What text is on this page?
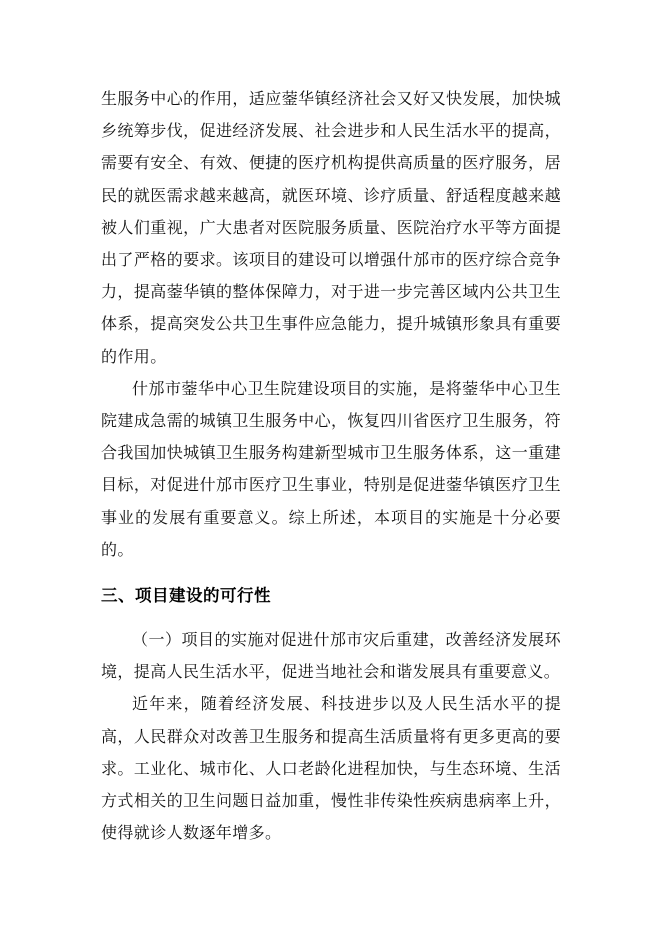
生服务中心的作用，适应蓥华镇经济社会又好又快发展，加快城乡统筹步伐，促进经济发展、社会进步和人民生活水平的提高，需要有安全、有效、便捷的医疗机构提供高质量的医疗服务，居民的就医需求越来越高，就医环境、诊疗质量、舒适程度越来越被人们重视，广大患者对医院服务质量、医院治疗水平等方面提出了严格的要求。该项目的建设可以增强什邡市的医疗综合竞争力，提高蓥华镇的整体保障力，对于进一步完善区域内公共卫生体系，提高突发公共卫生事件应急能力，提升城镇形象具有重要的作用。

什邡市蓥华中心卫生院建设项目的实施，是将蓥华中心卫生院建成急需的城镇卫生服务中心，恢复四川省医疗卫生服务，符合我国加快城镇卫生服务构建新型城市卫生服务体系，这一重建目标，对促进什邡市医疗卫生事业，特别是促进蓥华镇医疗卫生事业的发展有重要意义。综上所述，本项目的实施是十分必要的。

三、项目建设的可行性

（一）项目的实施对促进什邡市灾后重建，改善经济发展环境，提高人民生活水平，促进当地社会和谐发展具有重要意义。

近年来，随着经济发展、科技进步以及人民生活水平的提高，人民群众对改善卫生服务和提高生活质量将有更多更高的要求。工业化、城市化、人口老龄化进程加快，与生态环境、生活方式相关的卫生问题日益加重，慢性非传染性疾病患病率上升，使得就诊人数逐年增多。
